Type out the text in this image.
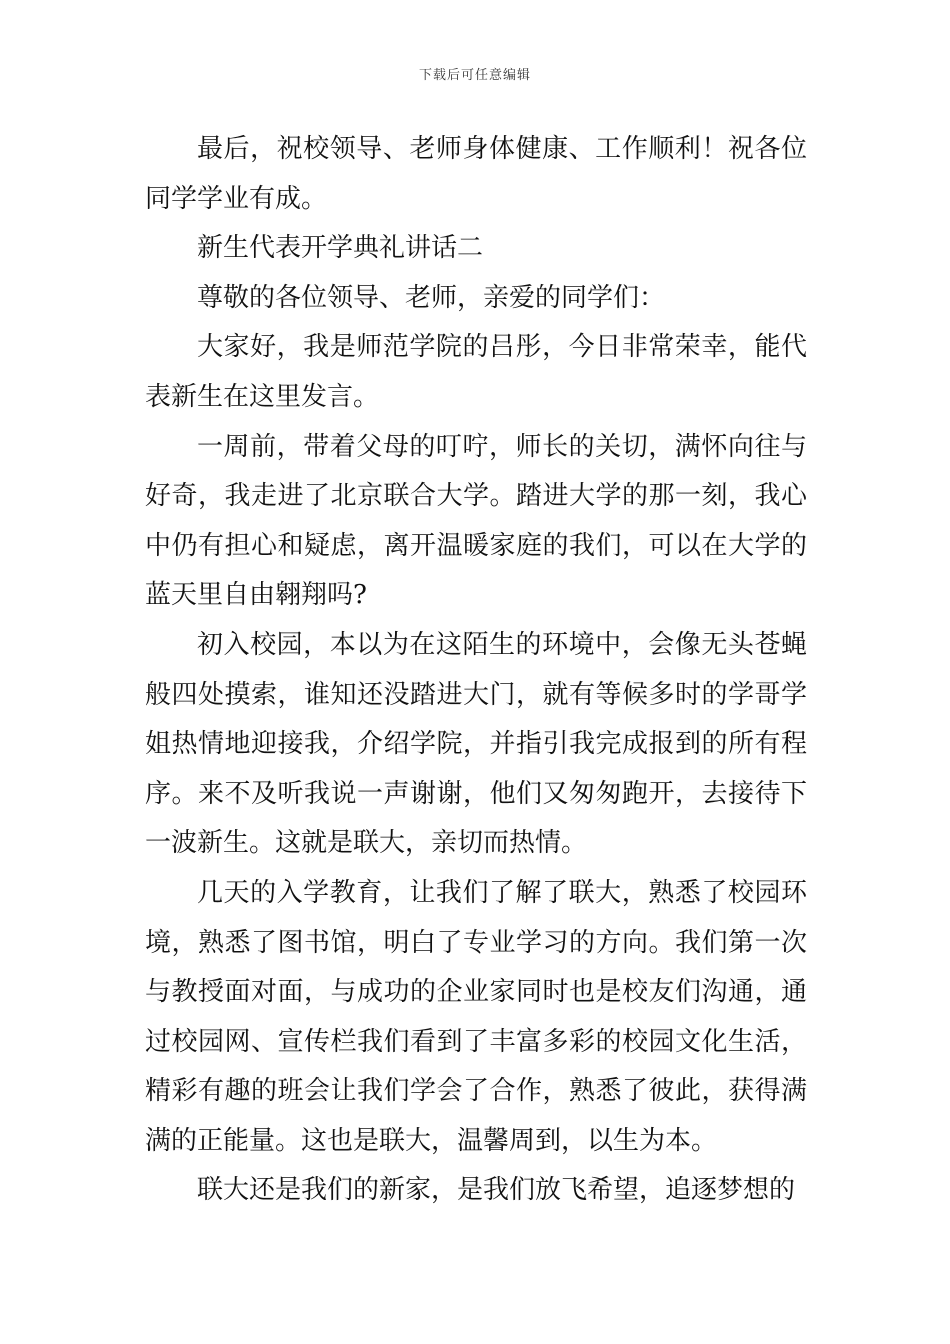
下载后可任意编辑

最后，祝校领导、老师身体健康、工作顺利！祝各位同学学业有成。

新生代表开学典礼讲话二

尊敬的各位领导、老师，亲爱的同学们：

大家好，我是师范学院的吕彤，今日非常荣幸，能代表新生在这里发言。

一周前，带着父母的叮咛，师长的关切，满怀向往与好奇，我走进了北京联合大学。踏进大学的那一刻，我心中仍有担心和疑虑，离开温暖家庭的我们，可以在大学的蓝天里自由翱翔吗?

初入校园，本以为在这陌生的环境中，会像无头苍蝇般四处摸索，谁知还没踏进大门，就有等候多时的学哥学姐热情地迎接我，介绍学院，并指引我完成报到的所有程序。来不及听我说一声谢谢，他们又匆匆跑开，去接待下一波新生。这就是联大，亲切而热情。

几天的入学教育，让我们了解了联大，熟悉了校园环境，熟悉了图书馆，明白了专业学习的方向。我们第一次与教授面对面，与成功的企业家同时也是校友们沟通，通过校园网、宣传栏我们看到了丰富多彩的校园文化生活，精彩有趣的班会让我们学会了合作，熟悉了彼此，获得满满的正能量。这也是联大，温馨周到，以生为本。

联大还是我们的新家，是我们放飞希望，追逐梦想的
